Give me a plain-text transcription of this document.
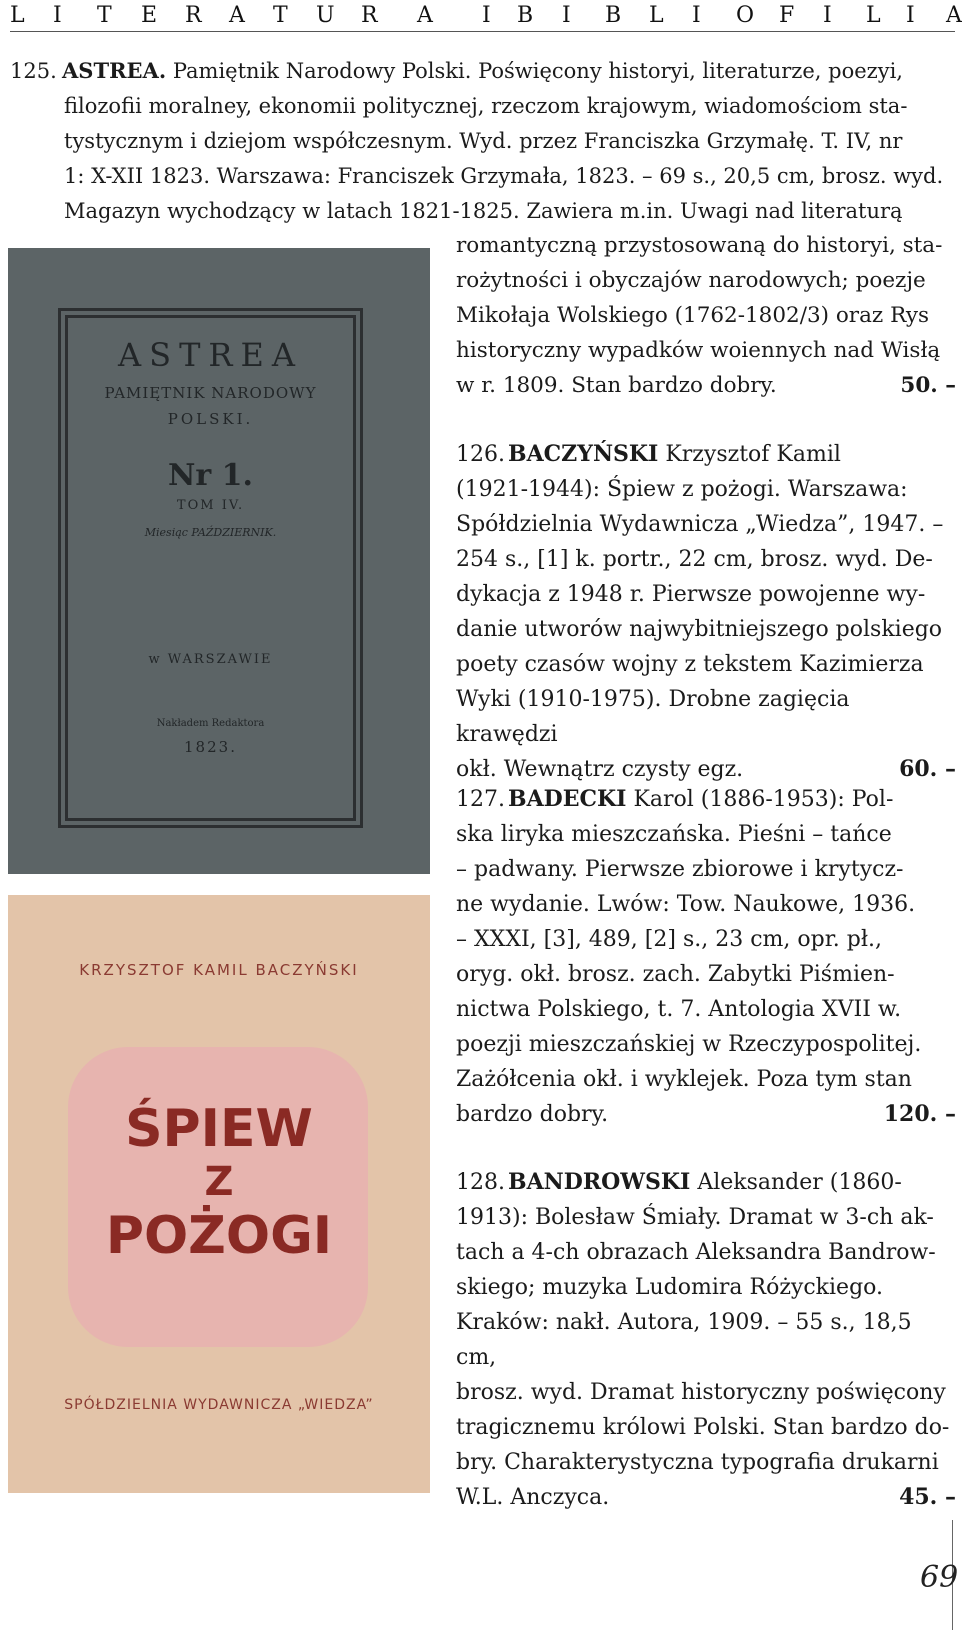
L I T E R A T U R A I B I B L I O F I L I A

125. ASTREA. Pamiętnik Narodowy Polski. Poświęcony historyi, literaturze, poezyi,

filozofii moralney, ekonomii politycznej, rzeczom krajowym, wiadomościom sta-

tystycznym i dziejom współczesnym. Wyd. przez Franciszka Grzymałę. T. IV, nr

1: X-XII 1823. Warszawa: Franciszek Grzymała, 1823. – 69 s., 20,5 cm, brosz. wyd.

Magazyn wychodzący w latach 1821-1825. Zawiera m.in. Uwagi nad literaturą

romantyczną przystosowaną do historyi, sta-

rożytności i obyczajów narodowych; poezje

Mikołaja Wolskiego (1762-1802/3) oraz Rys

historyczny wypadków woiennych nad Wisłą

w r. 1809. Stan bardzo dobry.	50. –

126. BACZYŃSKI Krzysztof Kamil

(1921-1944): Śpiew z pożogi. Warszawa:

Spółdzielnia Wydawnicza „Wiedza”, 1947. –

254 s., [1] k. portr., 22 cm, brosz. wyd. De-

dykacja z 1948 r. Pierwsze powojenne wy-

danie utworów najwybitniejszego polskiego

poety czasów wojny z tekstem Kazimierza

Wyki (1910-1975). Drobne zagięcia krawędzi

okł. Wewnątrz czysty egz.	60. –

127. BADECKI Karol (1886-1953): Pol-

ska liryka mieszczańska. Pieśni – tańce

– padwany. Pierwsze zbiorowe i krytycz-

ne wydanie. Lwów: Tow. Naukowe, 1936.

– XXXI, [3], 489, [2] s., 23 cm, opr. pł.,

oryg. okł. brosz. zach. Zabytki Piśmien-

nictwa Polskiego, t. 7. Antologia XVII w.

poezji mieszczańskiej w Rzeczypospolitej.

Zażółcenia okł. i wyklejek. Poza tym stan

bardzo dobry.	120. –

128. BANDROWSKI Aleksander (1860-

1913): Bolesław Śmiały. Dramat w 3-ch ak-

tach a 4-ch obrazach Aleksandra Bandrow-

skiego; muzyka Ludomira Różyckiego.

Kraków: nakł. Autora, 1909. – 55 s., 18,5 cm,

brosz. wyd. Dramat historyczny poświęcony

tragicznemu królowi Polski. Stan bardzo do-

bry. Charakterystyczna typografia drukarni

W.L. Anczyca.	45. –

ASTREA
PAMIĘTNIK NARODOWY
POLSKI.
Nr 1.
TOM IV.
Miesiąc PAŹDZIERNIK.
w WARSZAWIE
Nakładem Redaktora
1823.
KRZYSZTOF KAMIL BACZYŃSKI
ŚPIEW
Z
POŻOGI
SPÓŁDZIELNIA WYDAWNICZA „WIEDZA”
69
